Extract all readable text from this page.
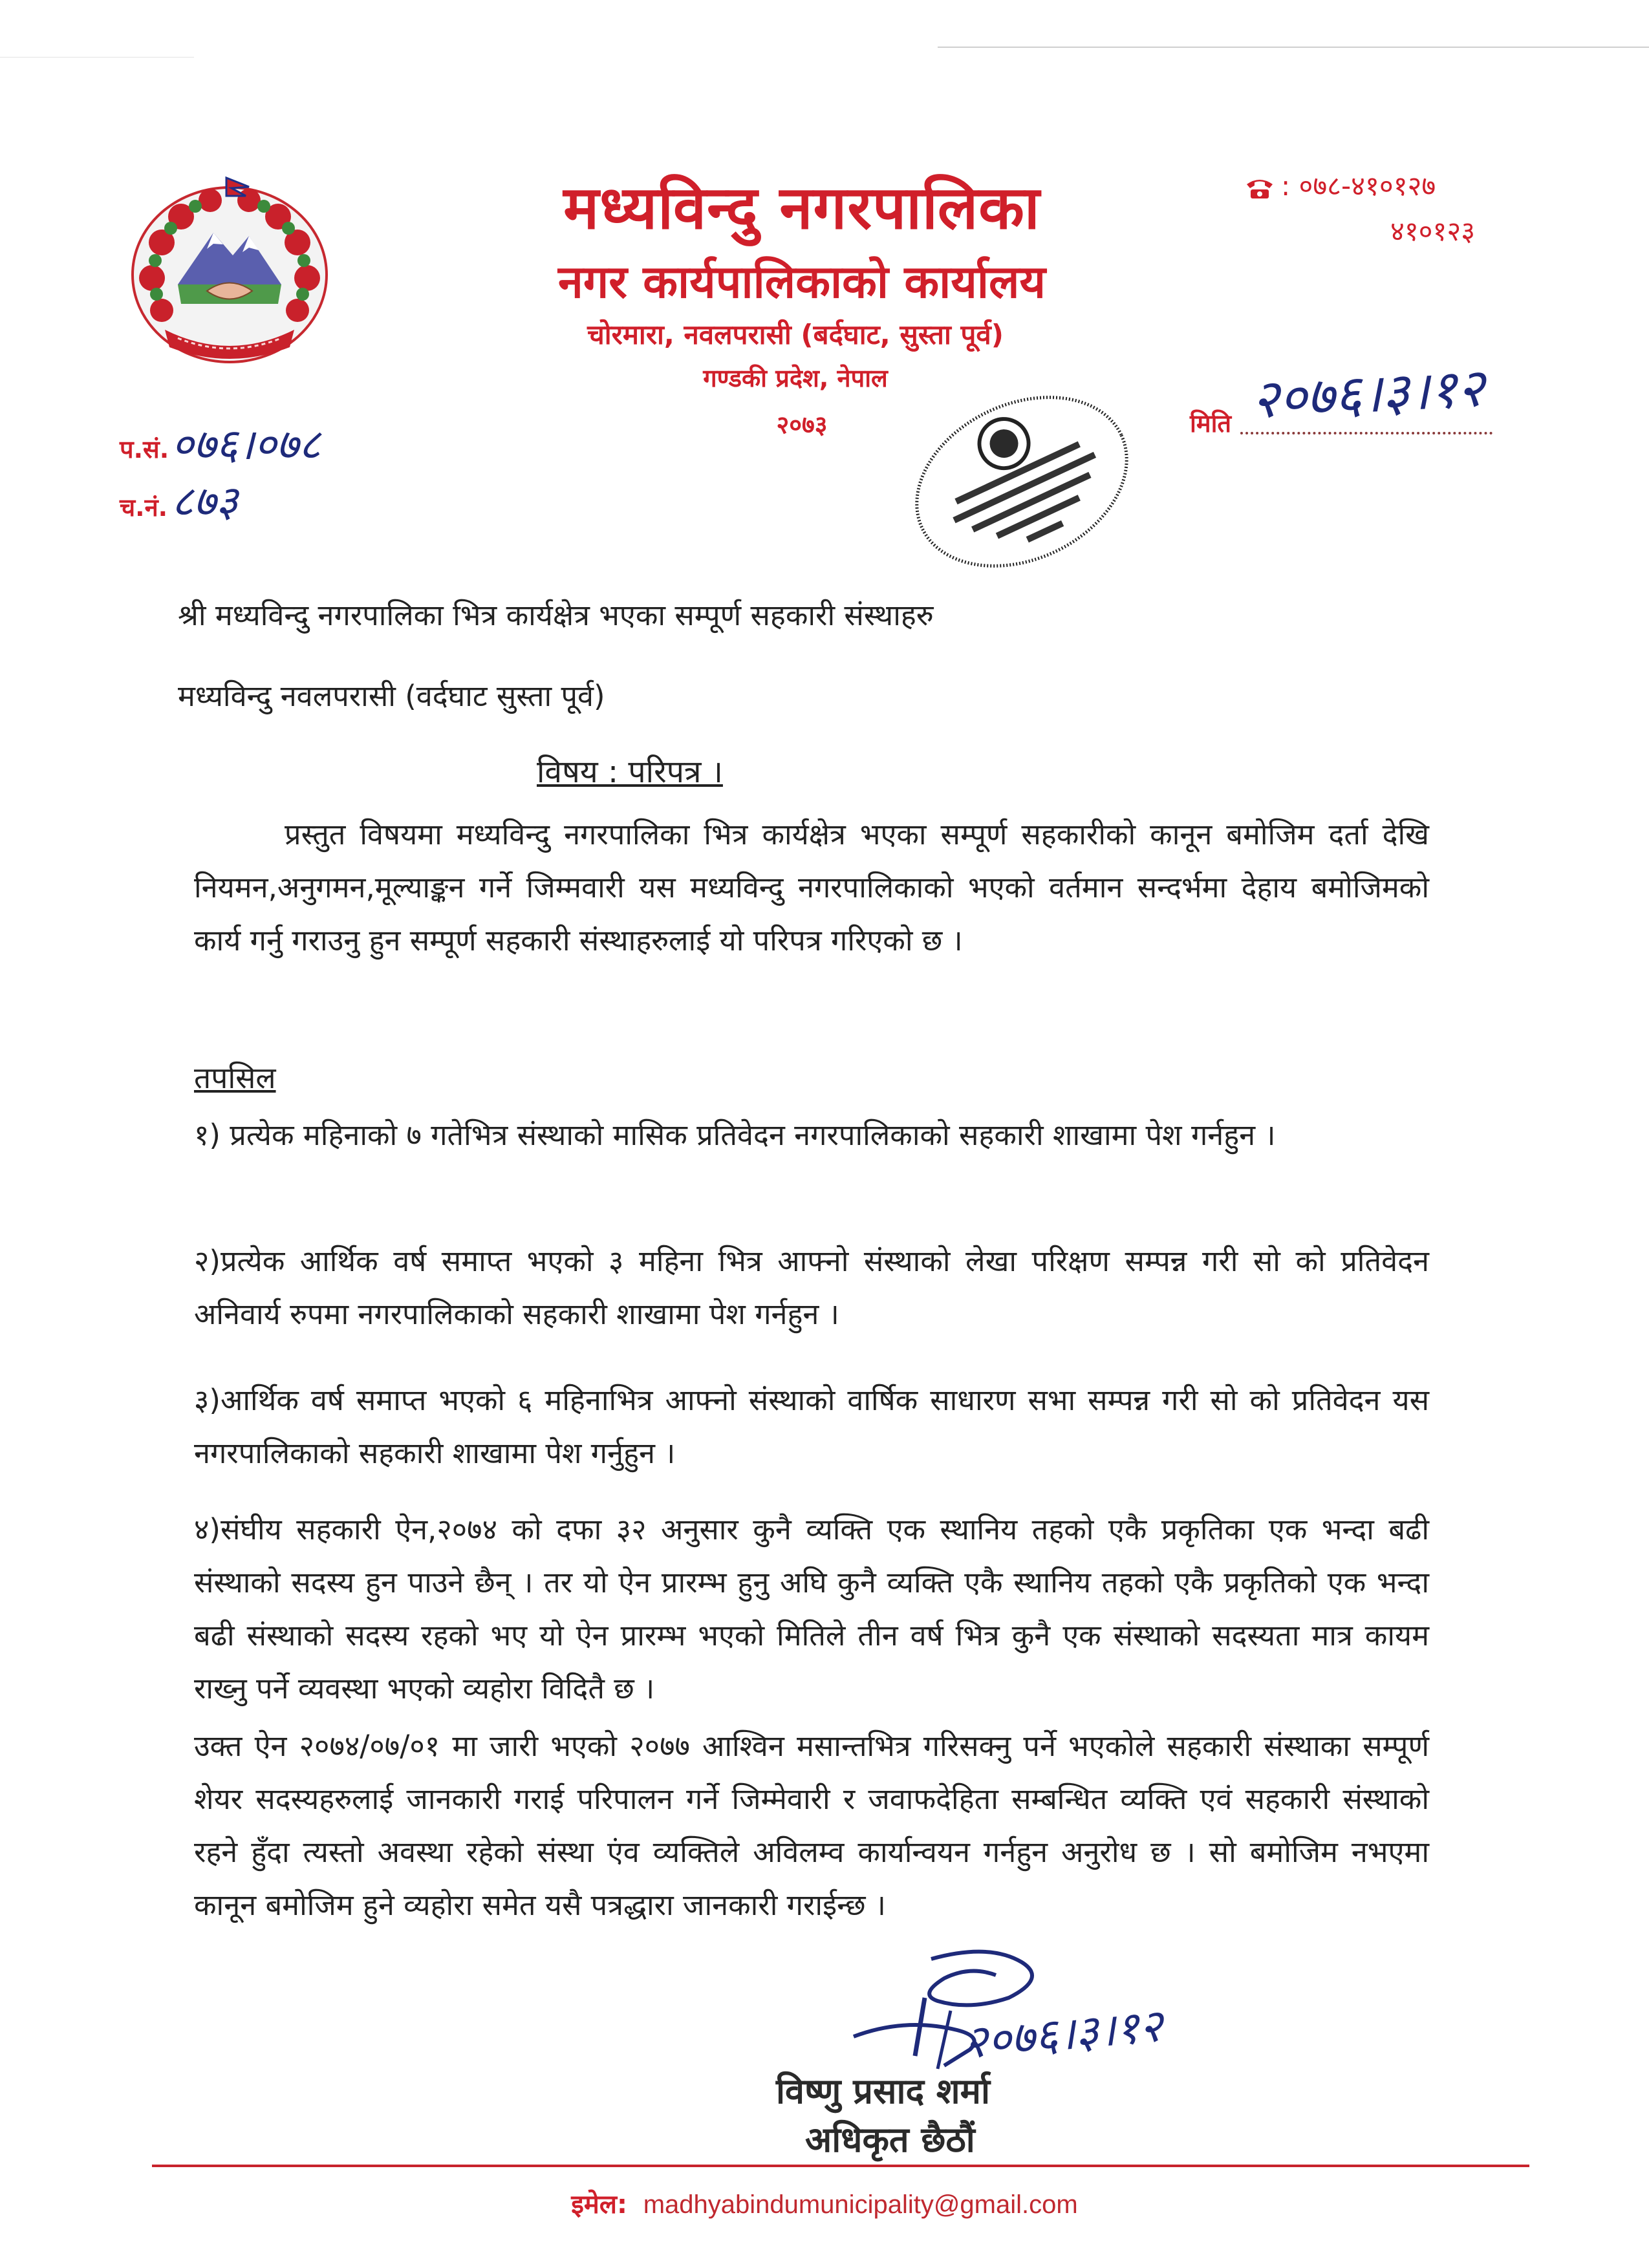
मध्यविन्दु नगरपालिका
नगर कार्यपालिकाको कार्यालय
चोरमारा, नवलपरासी (बर्दघाट, सुस्ता पूर्व)
गण्डकी प्रदेश, नेपाल
२०७३
: ०७८-४१०१२७
४१०१२३
मिति २०७६।३।१२
प.सं. ०७६।०७८
च.नं. ८७३
श्री मध्यविन्दु नगरपालिका भित्र कार्यक्षेत्र भएका सम्पूर्ण सहकारी संस्थाहरु
मध्यविन्दु नवलपरासी (वर्दघाट सुस्ता पूर्व)
विषय : परिपत्र ।

प्रस्तुत विषयमा मध्यविन्दु नगरपालिका भित्र कार्यक्षेत्र भएका सम्पूर्ण सहकारीको कानून बमोजिम दर्ता देखि नियमन,अनुगमन,मूल्याङ्कन गर्ने जिम्मवारी यस मध्यविन्दु नगरपालिकाको भएको वर्तमान सन्दर्भमा देहाय बमोजिमको कार्य गर्नु गराउनु हुन सम्पूर्ण सहकारी संस्थाहरुलाई यो परिपत्र गरिएको छ ।

तपसिल

१) प्रत्येक महिनाको ७ गतेभित्र संस्थाको मासिक प्रतिवेदन नगरपालिकाको सहकारी शाखामा पेश गर्नहुन ।

२)प्रत्येक आर्थिक वर्ष समाप्त भएको ३ महिना भित्र आफ्नो संस्थाको लेखा परिक्षण सम्पन्न गरी सो को प्रतिवेदन अनिवार्य रुपमा नगरपालिकाको सहकारी शाखामा पेश गर्नहुन ।

३)आर्थिक वर्ष समाप्त भएको ६ महिनाभित्र आफ्नो संस्थाको वार्षिक साधारण सभा सम्पन्न गरी सो को प्रतिवेदन यस नगरपालिकाको सहकारी शाखामा पेश गर्नुहुन ।

४)संघीय सहकारी ऐन,२०७४ को दफा ३२ अनुसार कुनै व्यक्ति एक स्थानिय तहको एकै प्रकृतिका एक भन्दा बढी संस्थाको सदस्य हुन पाउने छैन् । तर यो ऐन प्रारम्भ हुनु अघि कुनै व्यक्ति एकै स्थानिय तहको एकै प्रकृतिको एक भन्दा बढी संस्थाको सदस्य रहको भए यो ऐन प्रारम्भ भएको मितिले तीन वर्ष भित्र कुनै एक संस्थाको सदस्यता मात्र कायम राख्नु पर्ने व्यवस्था भएको व्यहोरा विदितै छ ।

उक्त ऐन २०७४/०७/०१ मा जारी भएको २०७७ आश्विन मसान्तभित्र गरिसक्नु पर्ने भएकोले सहकारी संस्थाका सम्पूर्ण शेयर सदस्यहरुलाई जानकारी गराई परिपालन गर्ने जिम्मेवारी र जवाफदेहिता सम्बन्धित व्यक्ति एवं सहकारी संस्थाको रहने हुँदा त्यस्तो अवस्था रहेको संस्था एंव व्यक्तिले अविलम्व कार्यान्वयन गर्नहुन अनुरोध छ । सो बमोजिम नभएमा कानून बमोजिम हुने व्यहोरा समेत यसै पत्रद्धारा जानकारी गराईन्छ ।

२०७६।३।१२
विष्णु प्रसाद शर्मा
अधिकृत छैठौं
इमेल: madhyabindumunicipality@gmail.com
